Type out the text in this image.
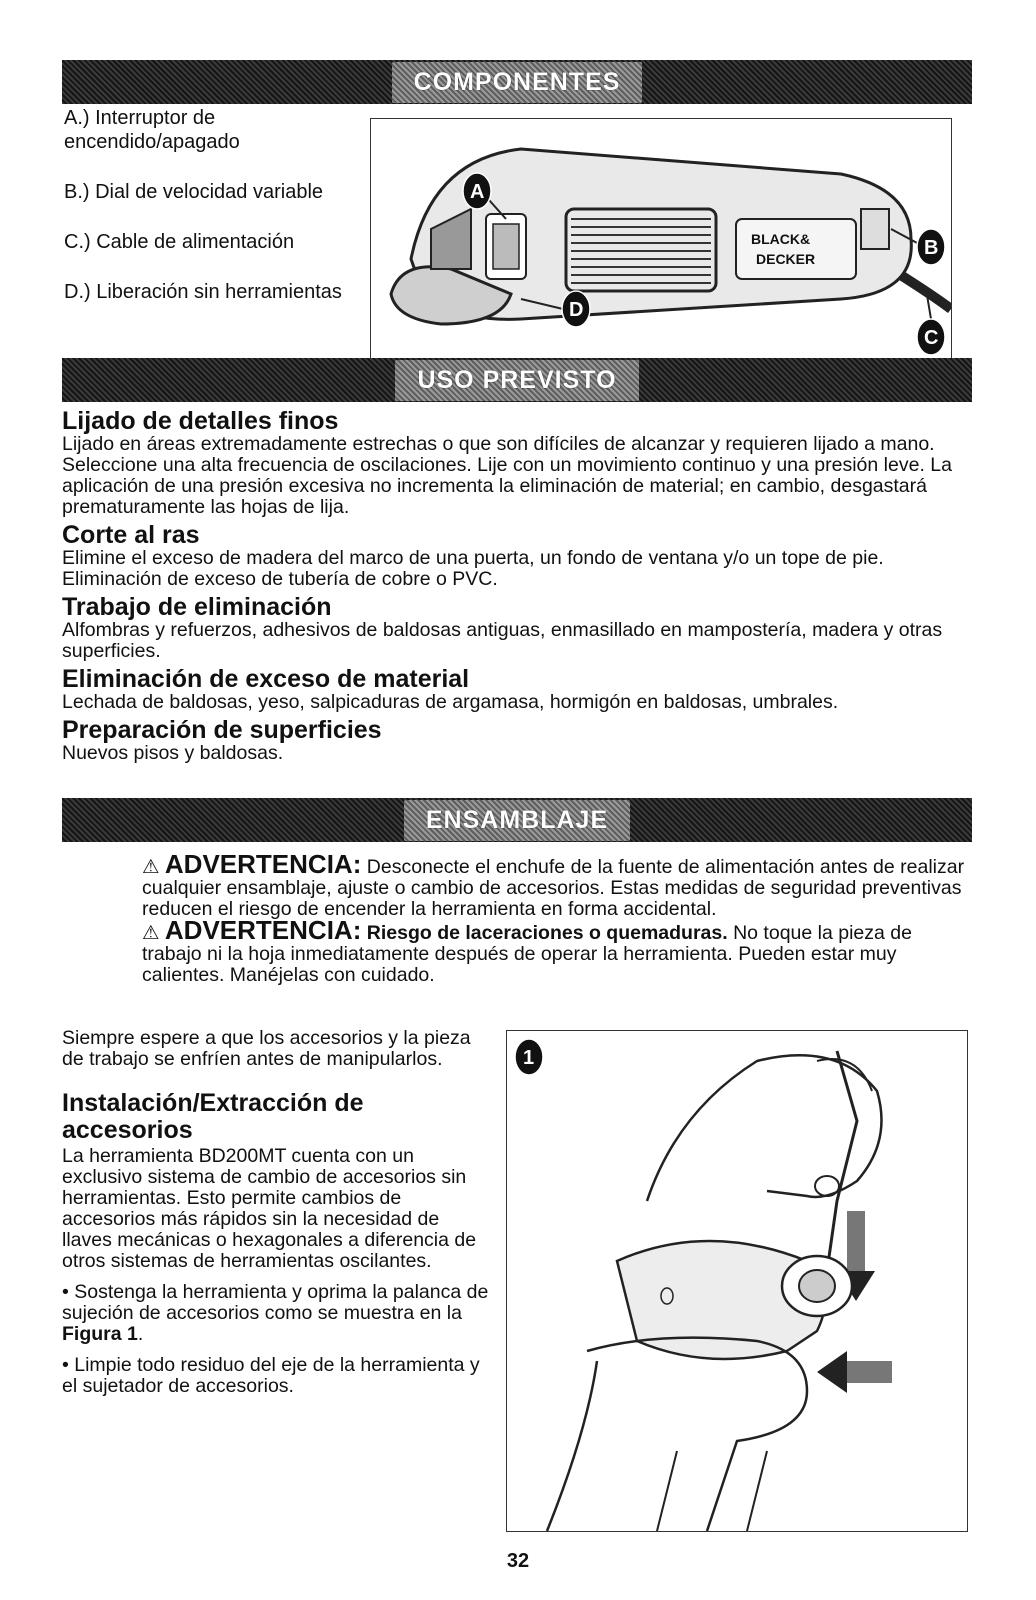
COMPONENTES
A.) Interruptor de encendido/apagado
B.) Dial de velocidad variable
C.) Cable de alimentación
D.) Liberación sin herramientas
BLACK&
DECKER
A
B
C
D
USO PREVISTO
Lijado de detalles finos

Lijado en áreas extremadamente estrechas o que son difíciles de alcanzar y requieren lijado a mano. Seleccione una alta frecuencia de oscilaciones. Lije con un movimiento continuo y una presión leve. La aplicación de una presión excesiva no incrementa la eliminación de material; en cambio, desgastará prematuramente las hojas de lija.

Corte al ras

Elimine el exceso de madera del marco de una puerta, un fondo de ventana y/o un tope de pie. Eliminación de exceso de tubería de cobre o PVC.

Trabajo de eliminación

Alfombras y refuerzos, adhesivos de baldosas antiguas, enmasillado en mampostería, madera y otras superficies.

Eliminación de exceso de material

Lechada de baldosas, yeso, salpicaduras de argamasa, hormigón en baldosas, umbrales.

Preparación de superficies

Nuevos pisos y baldosas.

ENSAMBLAJE
⚠ ADVERTENCIA: Desconecte el enchufe de la fuente de alimentación antes de realizar cualquier ensamblaje, ajuste o cambio de accesorios. Estas medidas de seguridad preventivas reducen el riesgo de encender la herramienta en forma accidental.
⚠ ADVERTENCIA: Riesgo de laceraciones o quemaduras. No toque la pieza de trabajo ni la hoja inmediatamente después de operar la herramienta. Pueden estar muy calientes. Manéjelas con cuidado.
Siempre espere a que los accesorios y la pieza de trabajo se enfríen antes de manipularlos.
Instalación/Extracción de accesorios
La herramienta BD200MT cuenta con un exclusivo sistema de cambio de accesorios sin herramientas. Esto permite cambios de accesorios más rápidos sin la necesidad de llaves mecánicas o hexagonales a diferencia de otros sistemas de herramientas oscilantes.
• Sostenga la herramienta y oprima la palanca de sujeción de accesorios como se muestra en la Figura 1.
• Limpie todo residuo del eje de la herramienta y el sujetador de accesorios.
1
32
